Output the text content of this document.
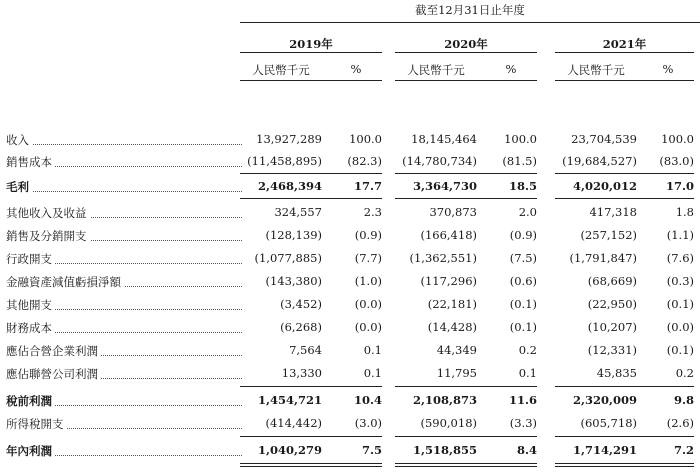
截至12月31日止年度
2019年	2020年	2021年
人民幣千元	%	人民幣千元	%	人民幣千元	%
收入	13,927,289	100.0	18,145,464	100.0	23,704,539	100.0
銷售成本	(11,458,895)	(82.3)	(14,780,734)	(81.5)	(19,684,527)	(83.0)
毛利	2,468,394	17.7	3,364,730	18.5	4,020,012	17.0
其他收入及收益	324,557	2.3	370,873	2.0	417,318	1.8
銷售及分銷開支	(128,139)	(0.9)	(166,418)	(0.9)	(257,152)	(1.1)
行政開支	(1,077,885)	(7.7)	(1,362,551)	(7.5)	(1,791,847)	(7.6)
金融資產減值虧損淨額	(143,380)	(1.0)	(117,296)	(0.6)	(68,669)	(0.3)
其他開支	(3,452)	(0.0)	(22,181)	(0.1)	(22,950)	(0.1)
財務成本	(6,268)	(0.0)	(14,428)	(0.1)	(10,207)	(0.0)
應佔合營企業利潤	7,564	0.1	44,349	0.2	(12,331)	(0.1)
應佔聯營公司利潤	13,330	0.1	11,795	0.1	45,835	0.2
稅前利潤	1,454,721	10.4	2,108,873	11.6	2,320,009	9.8
所得稅開支	(414,442)	(3.0)	(590,018)	(3.3)	(605,718)	(2.6)
年內利潤	1,040,279	7.5	1,518,855	8.4	1,714,291	7.2
